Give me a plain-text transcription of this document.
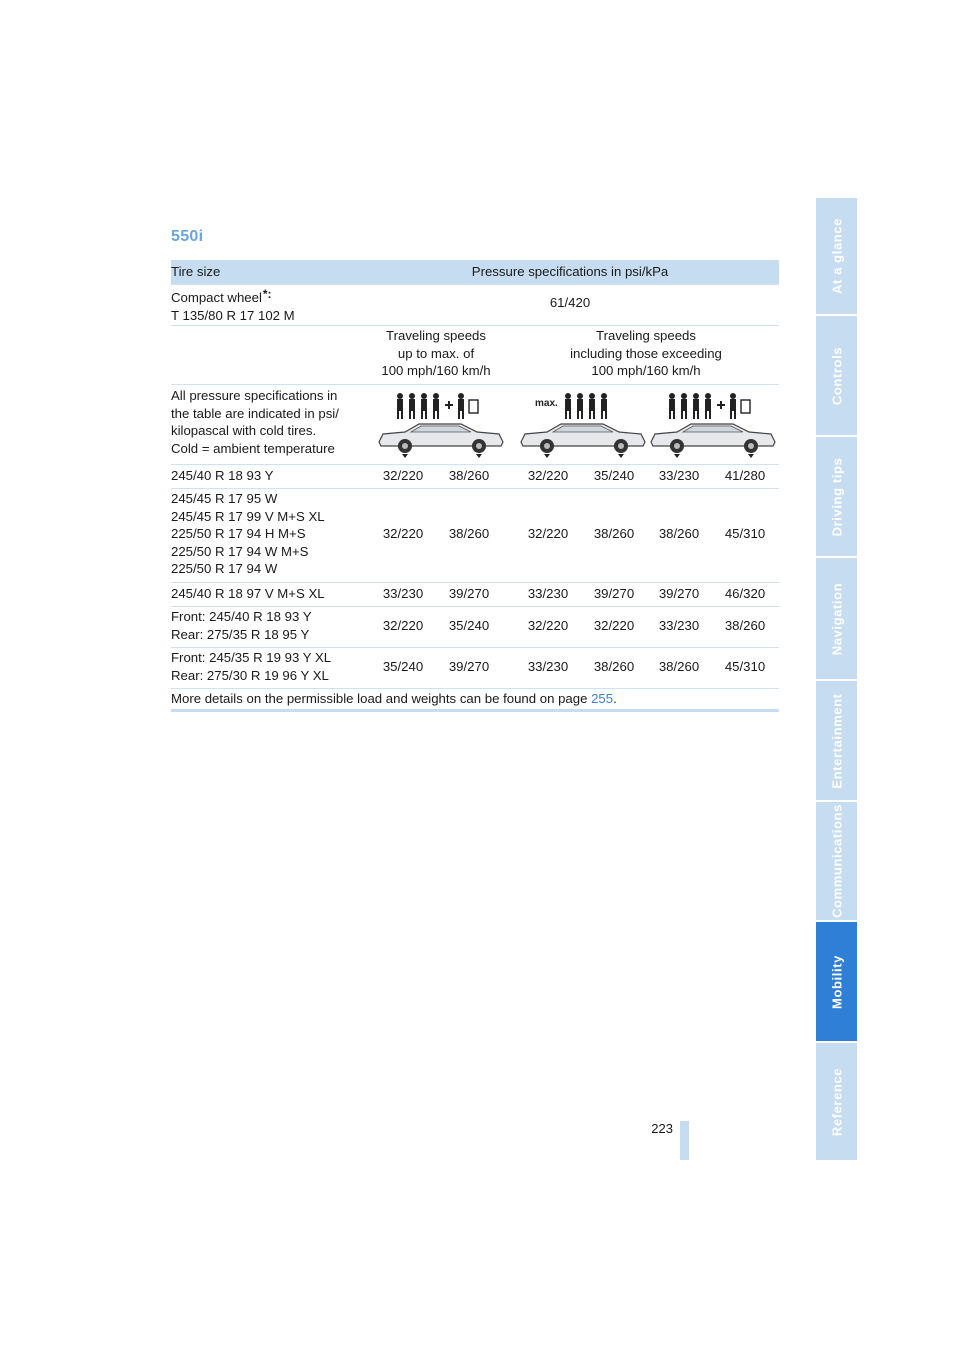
550i
Tire size	Pressure specifications in psi/kPa
Compact wheel*:
T 135/80 R 17 102 M
61/420
Traveling speeds
up to max. of
100 mph/160 km/h
Traveling speeds
including those exceeding
100 mph/160 km/h
All pressure specifications in
the table are indicated in psi/
kilopascal with cold tires.
Cold = ambient temperature
max.
245/40 R 18 93 Y	32/220	38/260	32/220	35/240	33/230	41/280
245/45 R 17 95 W
245/45 R 17 99 V M+S XL
225/50 R 17 94 H M+S
225/50 R 17 94 W M+S
225/50 R 17 94 W
32/220	38/260	32/220	38/260	38/260	45/310
245/40 R 18 97 V M+S XL	33/230	39/270	33/230	39/270	39/270	46/320
Front: 245/40 R 18 93 Y
Rear: 275/35 R 18 95 Y
32/220	35/240	32/220	32/220	33/230	38/260
Front: 245/35 R 19 93 Y XL
Rear: 275/30 R 19 96 Y XL
35/240	39/270	33/230	38/260	38/260	45/310
More details on the permissible load and weights can be found on page 255.
At a glance
Controls
Driving tips
Navigation
Entertainment
Communications
Mobility
Reference
223
